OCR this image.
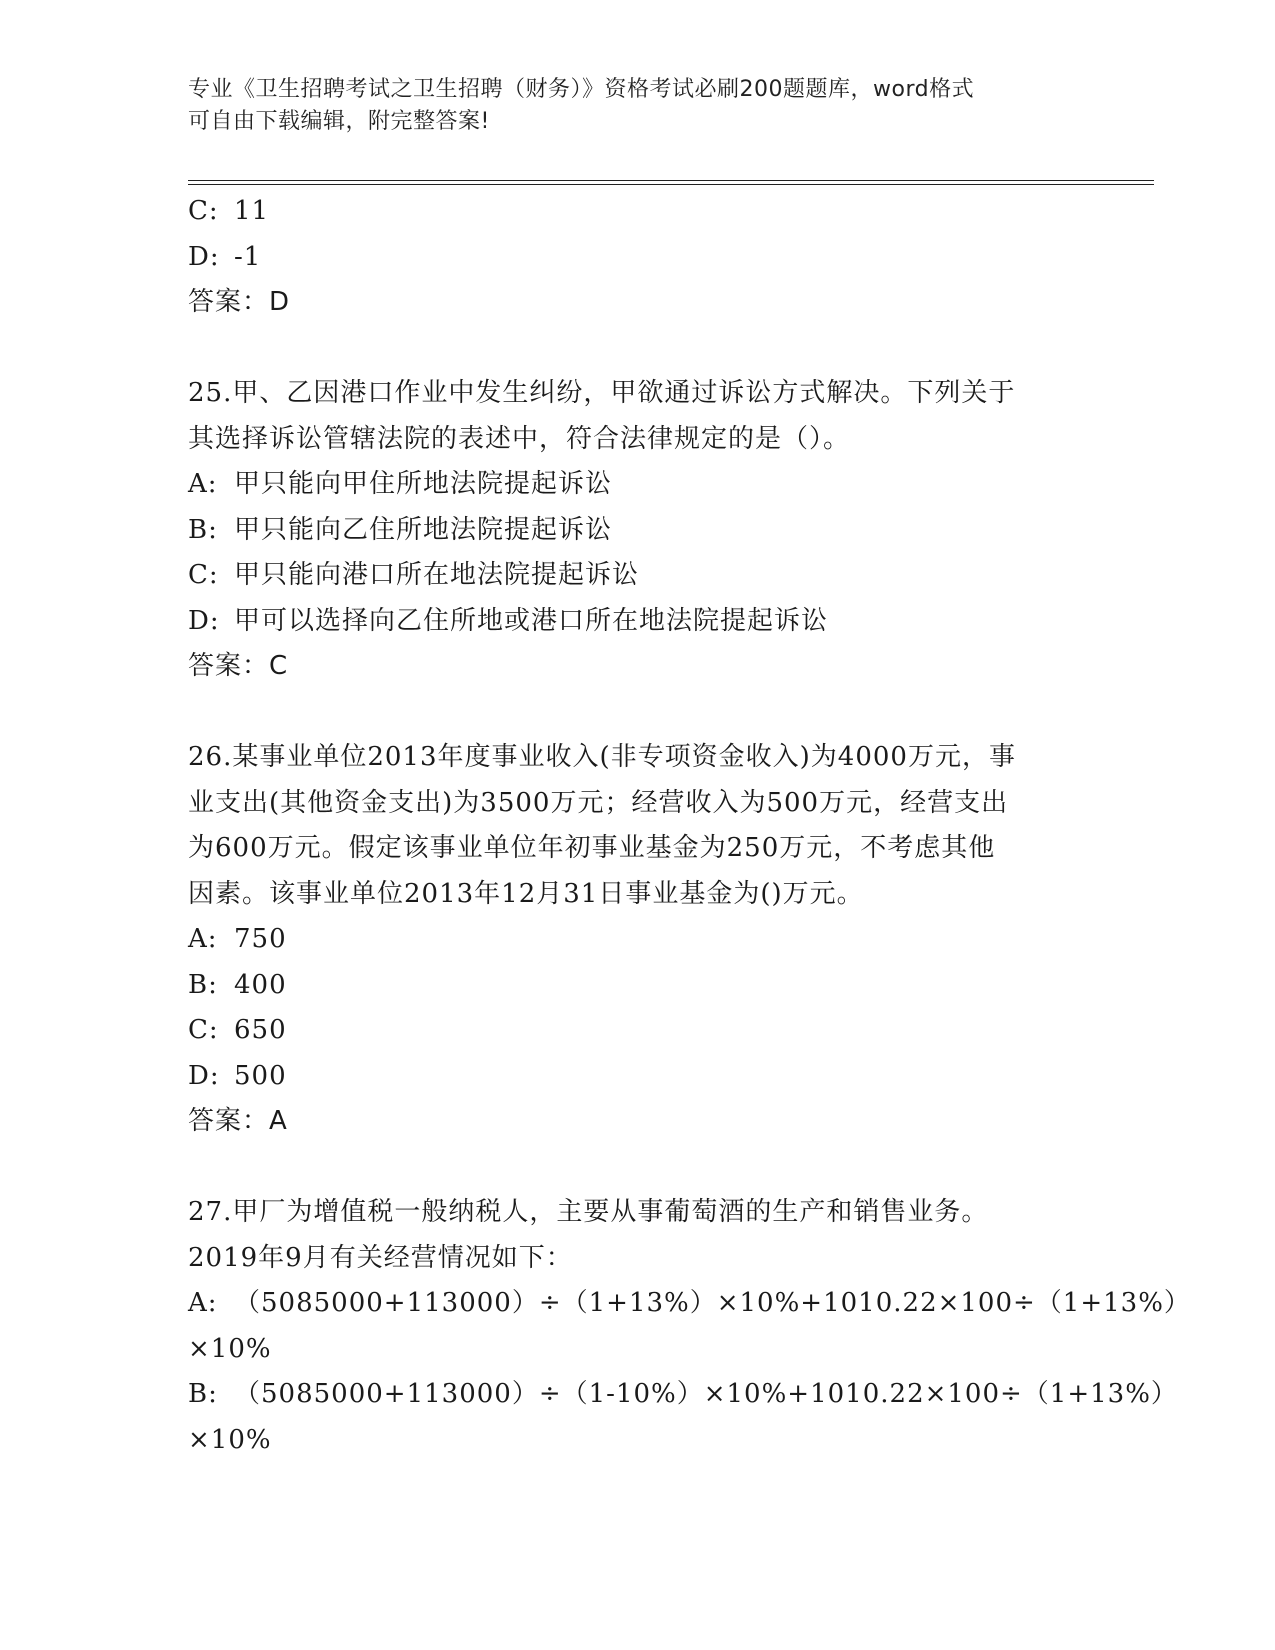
专业《卫生招聘考试之卫生招聘（财务）》资格考试必刷200题题库，word格式
可自由下载编辑，附完整答案!
C: 11
D: -1
答案：D
25.甲、乙因港口作业中发生纠纷，甲欲通过诉讼方式解决。下列关于
其选择诉讼管辖法院的表述中，符合法律规定的是（）。
A: 甲只能向甲住所地法院提起诉讼
B: 甲只能向乙住所地法院提起诉讼
C: 甲只能向港口所在地法院提起诉讼
D: 甲可以选择向乙住所地或港口所在地法院提起诉讼
答案：C
26.某事业单位2013年度事业收入(非专项资金收入)为4000万元，事
业支出(其他资金支出)为3500万元；经营收入为500万元，经营支出
为600万元。假定该事业单位年初事业基金为250万元，不考虑其他
因素。该事业单位2013年12月31日事业基金为()万元。
A: 750
B: 400
C: 650
D: 500
答案：A
27.甲厂为增值税一般纳税人，主要从事葡萄酒的生产和销售业务。
2019年9月有关经营情况如下：
A: （5085000+113000）÷（1+13%）×10%+1010.22×100÷（1+13%）
×10%
B: （5085000+113000）÷（1-10%）×10%+1010.22×100÷（1+13%）
×10%
